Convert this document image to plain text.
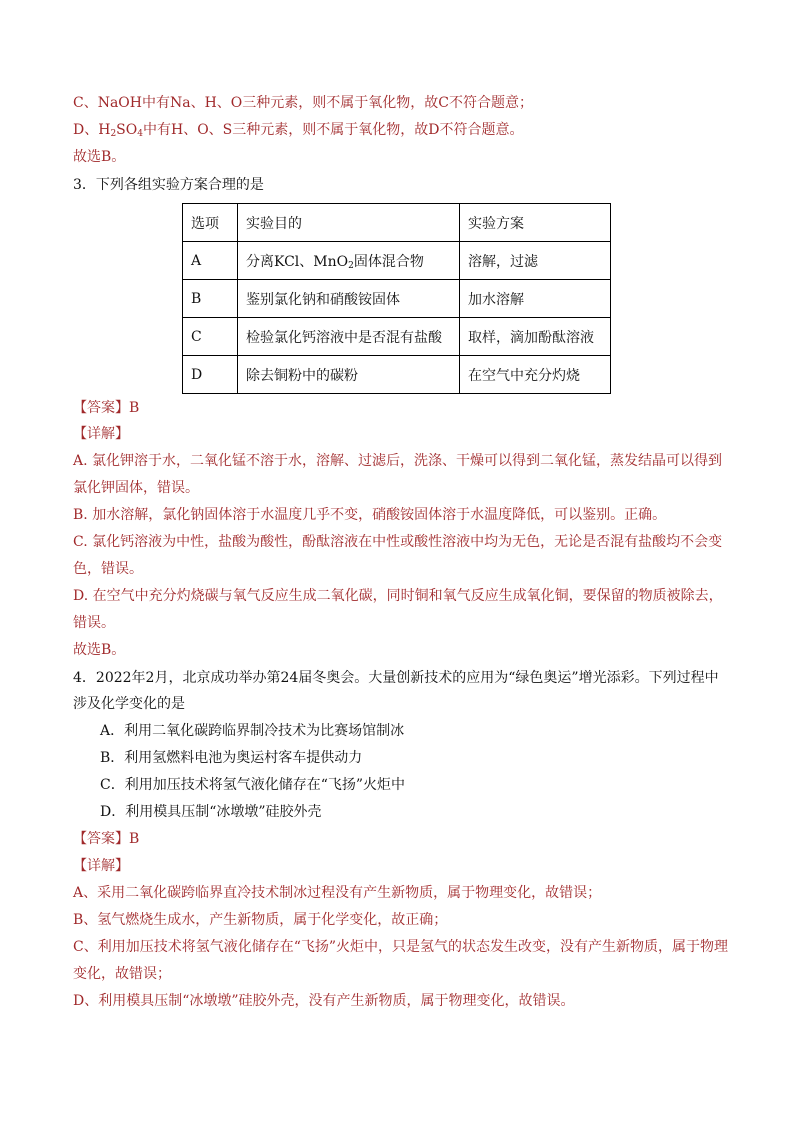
C、NaOH中有Na、H、O三种元素，则不属于氧化物，故C不符合题意；
D、$H_2SO_4$中有H、O、S三种元素，则不属于氧化物，故D不符合题意。
故选B。
3．下列各组实验方案合理的是
选项	实验目的	实验方案
A	分离KCl、MnO$_2$固体混合物	溶解，过滤
B	鉴别氯化钠和硝酸铵固体	加水溶解
C	检验氯化钙溶液中是否混有盐酸	取样，滴加酚酞溶液
D	除去铜粉中的碳粉	在空气中充分灼烧
【答案】B
【详解】
A. 氯化钾溶于水，二氧化锰不溶于水，溶解、过滤后，洗涤、干燥可以得到二氧化锰，蒸发结晶可以得到
氯化钾固体，错误。
B. 加水溶解，氯化钠固体溶于水温度几乎不变，硝酸铵固体溶于水温度降低，可以鉴别。正确。
C. 氯化钙溶液为中性，盐酸为酸性，酚酞溶液在中性或酸性溶液中均为无色，无论是否混有盐酸均不会变
色，错误。
D. 在空气中充分灼烧碳与氧气反应生成二氧化碳，同时铜和氧气反应生成氧化铜，要保留的物质被除去，
错误。
故选B。
4．2022年2月，北京成功举办第24届冬奥会。大量创新技术的应用为“绿色奥运”增光添彩。下列过程中
涉及化学变化的是
A．利用二氧化碳跨临界制冷技术为比赛场馆制冰
B．利用氢燃料电池为奥运村客车提供动力
C．利用加压技术将氢气液化储存在“飞扬”火炬中
D．利用模具压制“冰墩墩”硅胶外壳
【答案】B
【详解】
A、采用二氧化碳跨临界直冷技术制冰过程没有产生新物质，属于物理变化，故错误；
B、氢气燃烧生成水，产生新物质，属于化学变化，故正确；
C、利用加压技术将氢气液化储存在“飞扬”火炬中，只是氢气的状态发生改变，没有产生新物质，属于物理
变化，故错误；
D、利用模具压制“冰墩墩”硅胶外壳，没有产生新物质，属于物理变化，故错误。
